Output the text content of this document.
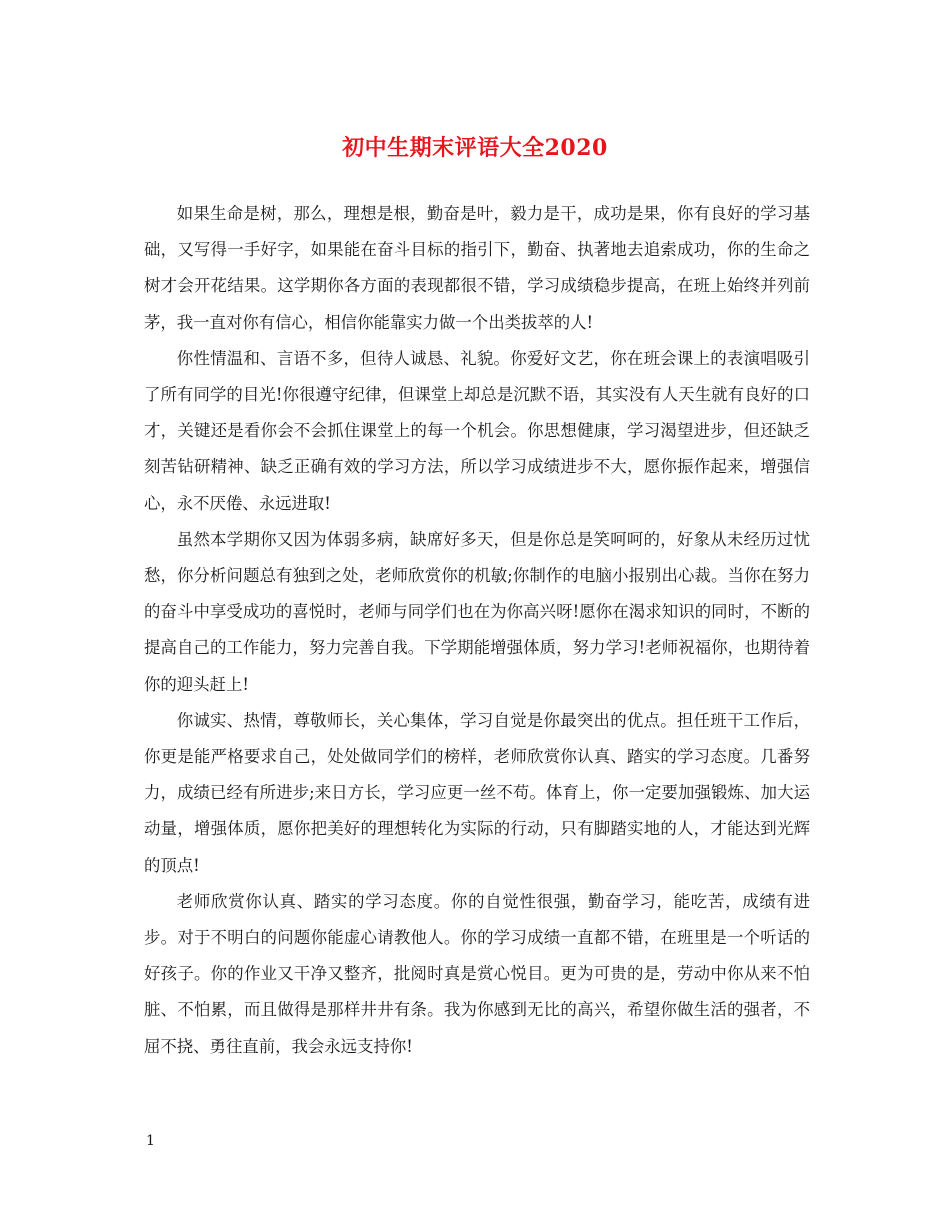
初中生期末评语大全2020

如果生命是树，那么，理想是根，勤奋是叶，毅力是干，成功是果，你有良好的学习基础，又写得一手好字，如果能在奋斗目标的指引下，勤奋、执著地去追索成功，你的生命之树才会开花结果。这学期你各方面的表现都很不错，学习成绩稳步提高，在班上始终并列前茅，我一直对你有信心，相信你能靠实力做一个出类拔萃的人!

你性情温和、言语不多，但待人诚恳、礼貌。你爱好文艺，你在班会课上的表演唱吸引了所有同学的目光!你很遵守纪律，但课堂上却总是沉默不语，其实没有人天生就有良好的口才，关键还是看你会不会抓住课堂上的每一个机会。你思想健康，学习渴望进步，但还缺乏刻苦钻研精神、缺乏正确有效的学习方法，所以学习成绩进步不大，愿你振作起来，增强信心，永不厌倦、永远进取!

虽然本学期你又因为体弱多病，缺席好多天，但是你总是笑呵呵的，好象从未经历过忧愁，你分析问题总有独到之处，老师欣赏你的机敏;你制作的电脑小报别出心裁。当你在努力的奋斗中享受成功的喜悦时，老师与同学们也在为你高兴呀!愿你在渴求知识的同时，不断的提高自己的工作能力，努力完善自我。下学期能增强体质，努力学习!老师祝福你，也期待着你的迎头赶上!

你诚实、热情，尊敬师长，关心集体，学习自觉是你最突出的优点。担任班干工作后，你更是能严格要求自己，处处做同学们的榜样，老师欣赏你认真、踏实的学习态度。几番努力，成绩已经有所进步;来日方长，学习应更一丝不苟。体育上，你一定要加强锻炼、加大运动量，增强体质，愿你把美好的理想转化为实际的行动，只有脚踏实地的人，才能达到光辉的顶点!

老师欣赏你认真、踏实的学习态度。你的自觉性很强，勤奋学习，能吃苦，成绩有进步。对于不明白的问题你能虚心请教他人。你的学习成绩一直都不错，在班里是一个听话的好孩子。你的作业又干净又整齐，批阅时真是赏心悦目。更为可贵的是，劳动中你从来不怕脏、不怕累，而且做得是那样井井有条。我为你感到无比的高兴，希望你做生活的强者，不屈不挠、勇往直前，我会永远支持你!

1
